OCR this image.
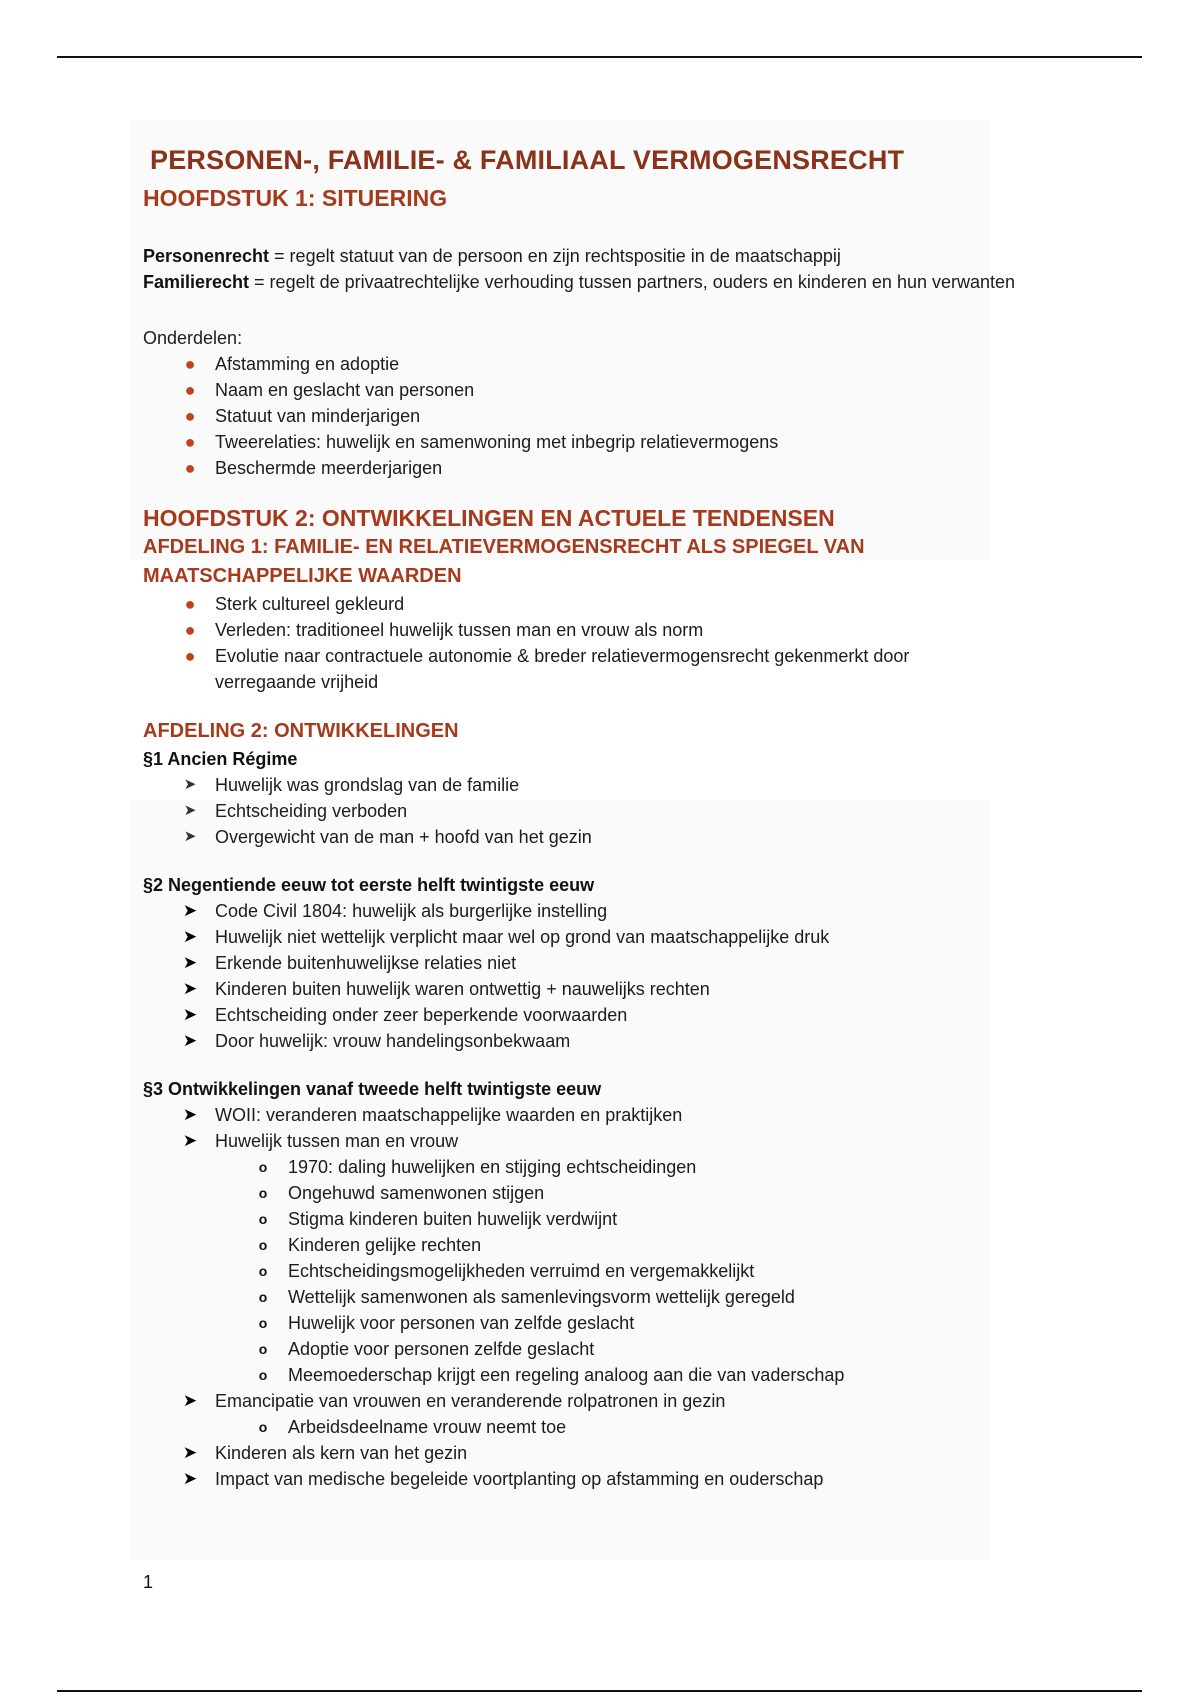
PERSONEN-, FAMILIE- & FAMILIAAL VERMOGENSRECHT
HOOFDSTUK 1: SITUERING

Personenrecht = regelt statuut van de persoon en zijn rechtspositie in de maatschappij

Familierecht = regelt de privaatrechtelijke verhouding tussen partners, ouders en kinderen en hun verwanten

Onderdelen:

●	Afstamming en adoptie
●	Naam en geslacht van personen
●	Statuut van minderjarigen
●	Tweerelaties: huwelijk en samenwoning met inbegrip relatievermogens
●	Beschermde meerderjarigen
HOOFDSTUK 2: ONTWIKKELINGEN EN ACTUELE TENDENSEN
AFDELING 1: FAMILIE- EN RELATIEVERMOGENSRECHT ALS SPIEGEL VAN MAATSCHAPPELIJKE WAARDEN
●	Sterk cultureel gekleurd
●	Verleden: traditioneel huwelijk tussen man en vrouw als norm
●	Evolutie naar contractuele autonomie & breder relatievermogensrecht gekenmerkt door verregaande vrijheid
AFDELING 2: ONTWIKKELINGEN
§1 Ancien Régime
➤	Huwelijk was grondslag van de familie
➤	Echtscheiding verboden
➤	Overgewicht van de man + hoofd van het gezin
§2 Negentiende eeuw tot eerste helft twintigste eeuw
➤ Code Civil 1804: huwelijk als burgerlijke instelling
➤ Huwelijk niet wettelijk verplicht maar wel op grond van maatschappelijke druk
➤ Erkende buitenhuwelijkse relaties niet
➤ Kinderen buiten huwelijk waren ontwettig + nauwelijks rechten
➤ Echtscheiding onder zeer beperkende voorwaarden
➤ Door huwelijk: vrouw handelingsonbekwaam
§3 Ontwikkelingen vanaf tweede helft twintigste eeuw
➤ WOII: veranderen maatschappelijke waarden en praktijken
➤ Huwelijk tussen man en vrouw
o	1970: daling huwelijken en stijging echtscheidingen
o	Ongehuwd samenwonen stijgen
o	Stigma kinderen buiten huwelijk verdwijnt
o	Kinderen gelijke rechten
o	Echtscheidingsmogelijkheden verruimd en vergemakkelijkt
o	Wettelijk samenwonen als samenlevingsvorm wettelijk geregeld
o	Huwelijk voor personen van zelfde geslacht
o	Adoptie voor personen zelfde geslacht
o	Meemoederschap krijgt een regeling analoog aan die van vaderschap
➤ Emancipatie van vrouwen en veranderende rolpatronen in gezin
o	Arbeidsdeelname vrouw neemt toe
➤ Kinderen als kern van het gezin
➤ Impact van medische begeleide voortplanting op afstamming en ouderschap
1
